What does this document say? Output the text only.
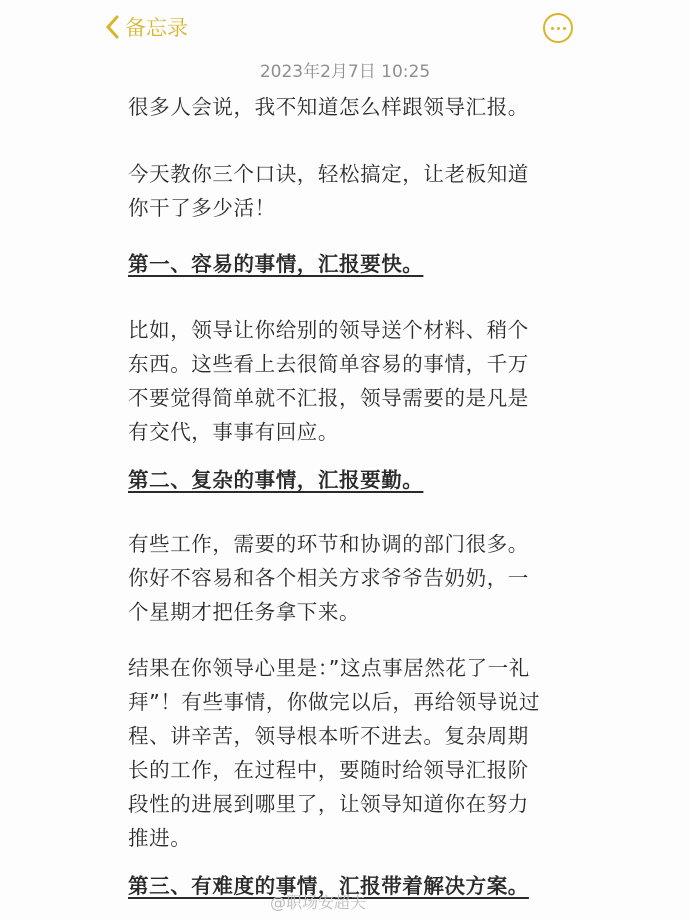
备忘录
2023年2月7日 10:25
很多人会说，我不知道怎么样跟领导汇报。
今天教你三个口诀，轻松搞定，让老板知道
你干了多少活！
第一、容易的事情，汇报要快。
比如，领导让你给别的领导送个材料、稍个
东西。这些看上去很简单容易的事情，千万
不要觉得简单就不汇报，领导需要的是凡是
有交代，事事有回应。
第二、复杂的事情，汇报要勤。
有些工作，需要的环节和协调的部门很多。
你好不容易和各个相关方求爷爷告奶奶，一
个星期才把任务拿下来。
结果在你领导心里是：”这点事居然花了一礼
拜”！有些事情，你做完以后，再给领导说过
程、讲辛苦，领导根本听不进去。复杂周期
长的工作，在过程中，要随时给领导汇报阶
段性的进展到哪里了，让领导知道你在努力
推进。
第三、有难度的事情，汇报带着解决方案。
@职场安超夫
